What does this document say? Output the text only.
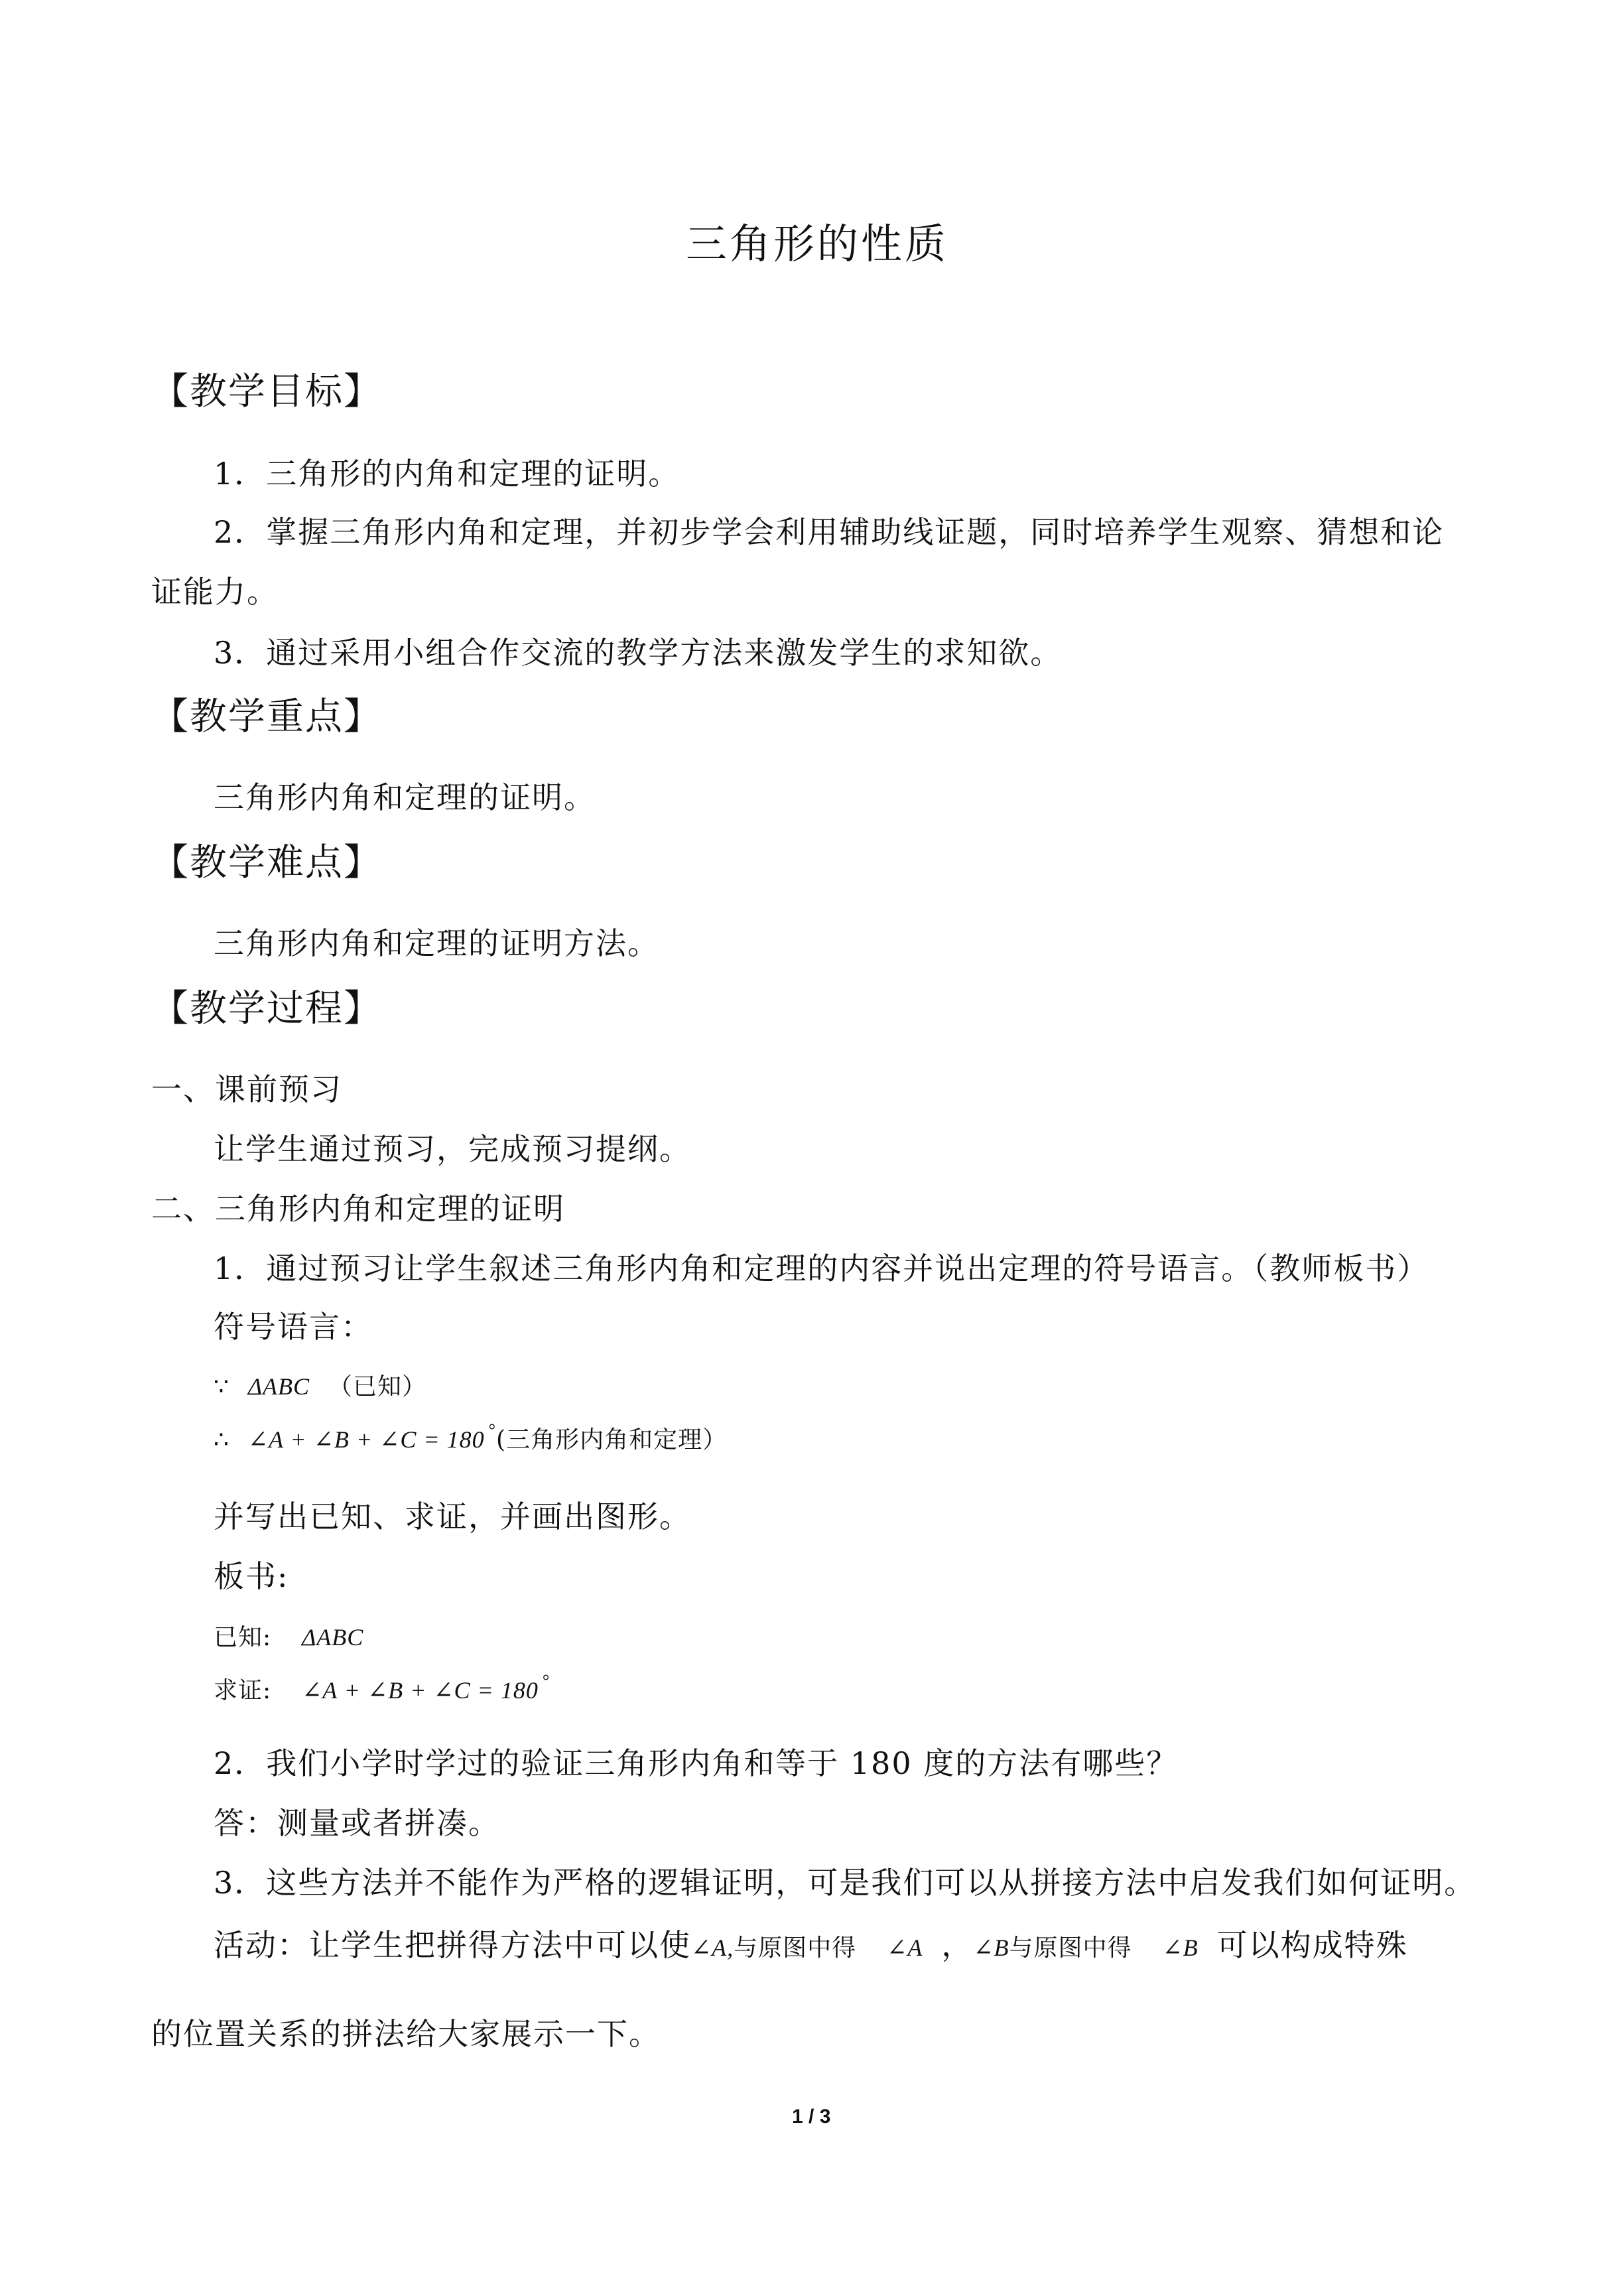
三角形的性质
【教学目标】
1．三角形的内角和定理的证明。
2．掌握三角形内角和定理，并初步学会利用辅助线证题，同时培养学生观察、猜想和论
证能力。
3．通过采用小组合作交流的教学方法来激发学生的求知欲。
【教学重点】
三角形内角和定理的证明。
【教学难点】
三角形内角和定理的证明方法。
【教学过程】
一、课前预习
让学生通过预习，完成预习提纲。
二、三角形内角和定理的证明
1．通过预习让学生叙述三角形内角和定理的内容并说出定理的符号语言。（教师板书）
符号语言：
∵ ΔABC （已知）
∴ ∠A + ∠B + ∠C = 180 °(三角形内角和定理）
并写出已知、求证，并画出图形。
板书:
已知: ΔABC
求证: ∠A + ∠B + ∠C = 180 °
2．我们小学时学过的验证三角形内角和等于 180 度的方法有哪些？
答：测量或者拼凑。
3．这些方法并不能作为严格的逻辑证明，可是我们可以从拼接方法中启发我们如何证明。
活动：让学生把拼得方法中可以使∠A,与原图中得 ∠A ，∠B与原图中得 ∠B 可以构成特殊
的位置关系的拼法给大家展示一下。
1 / 3
